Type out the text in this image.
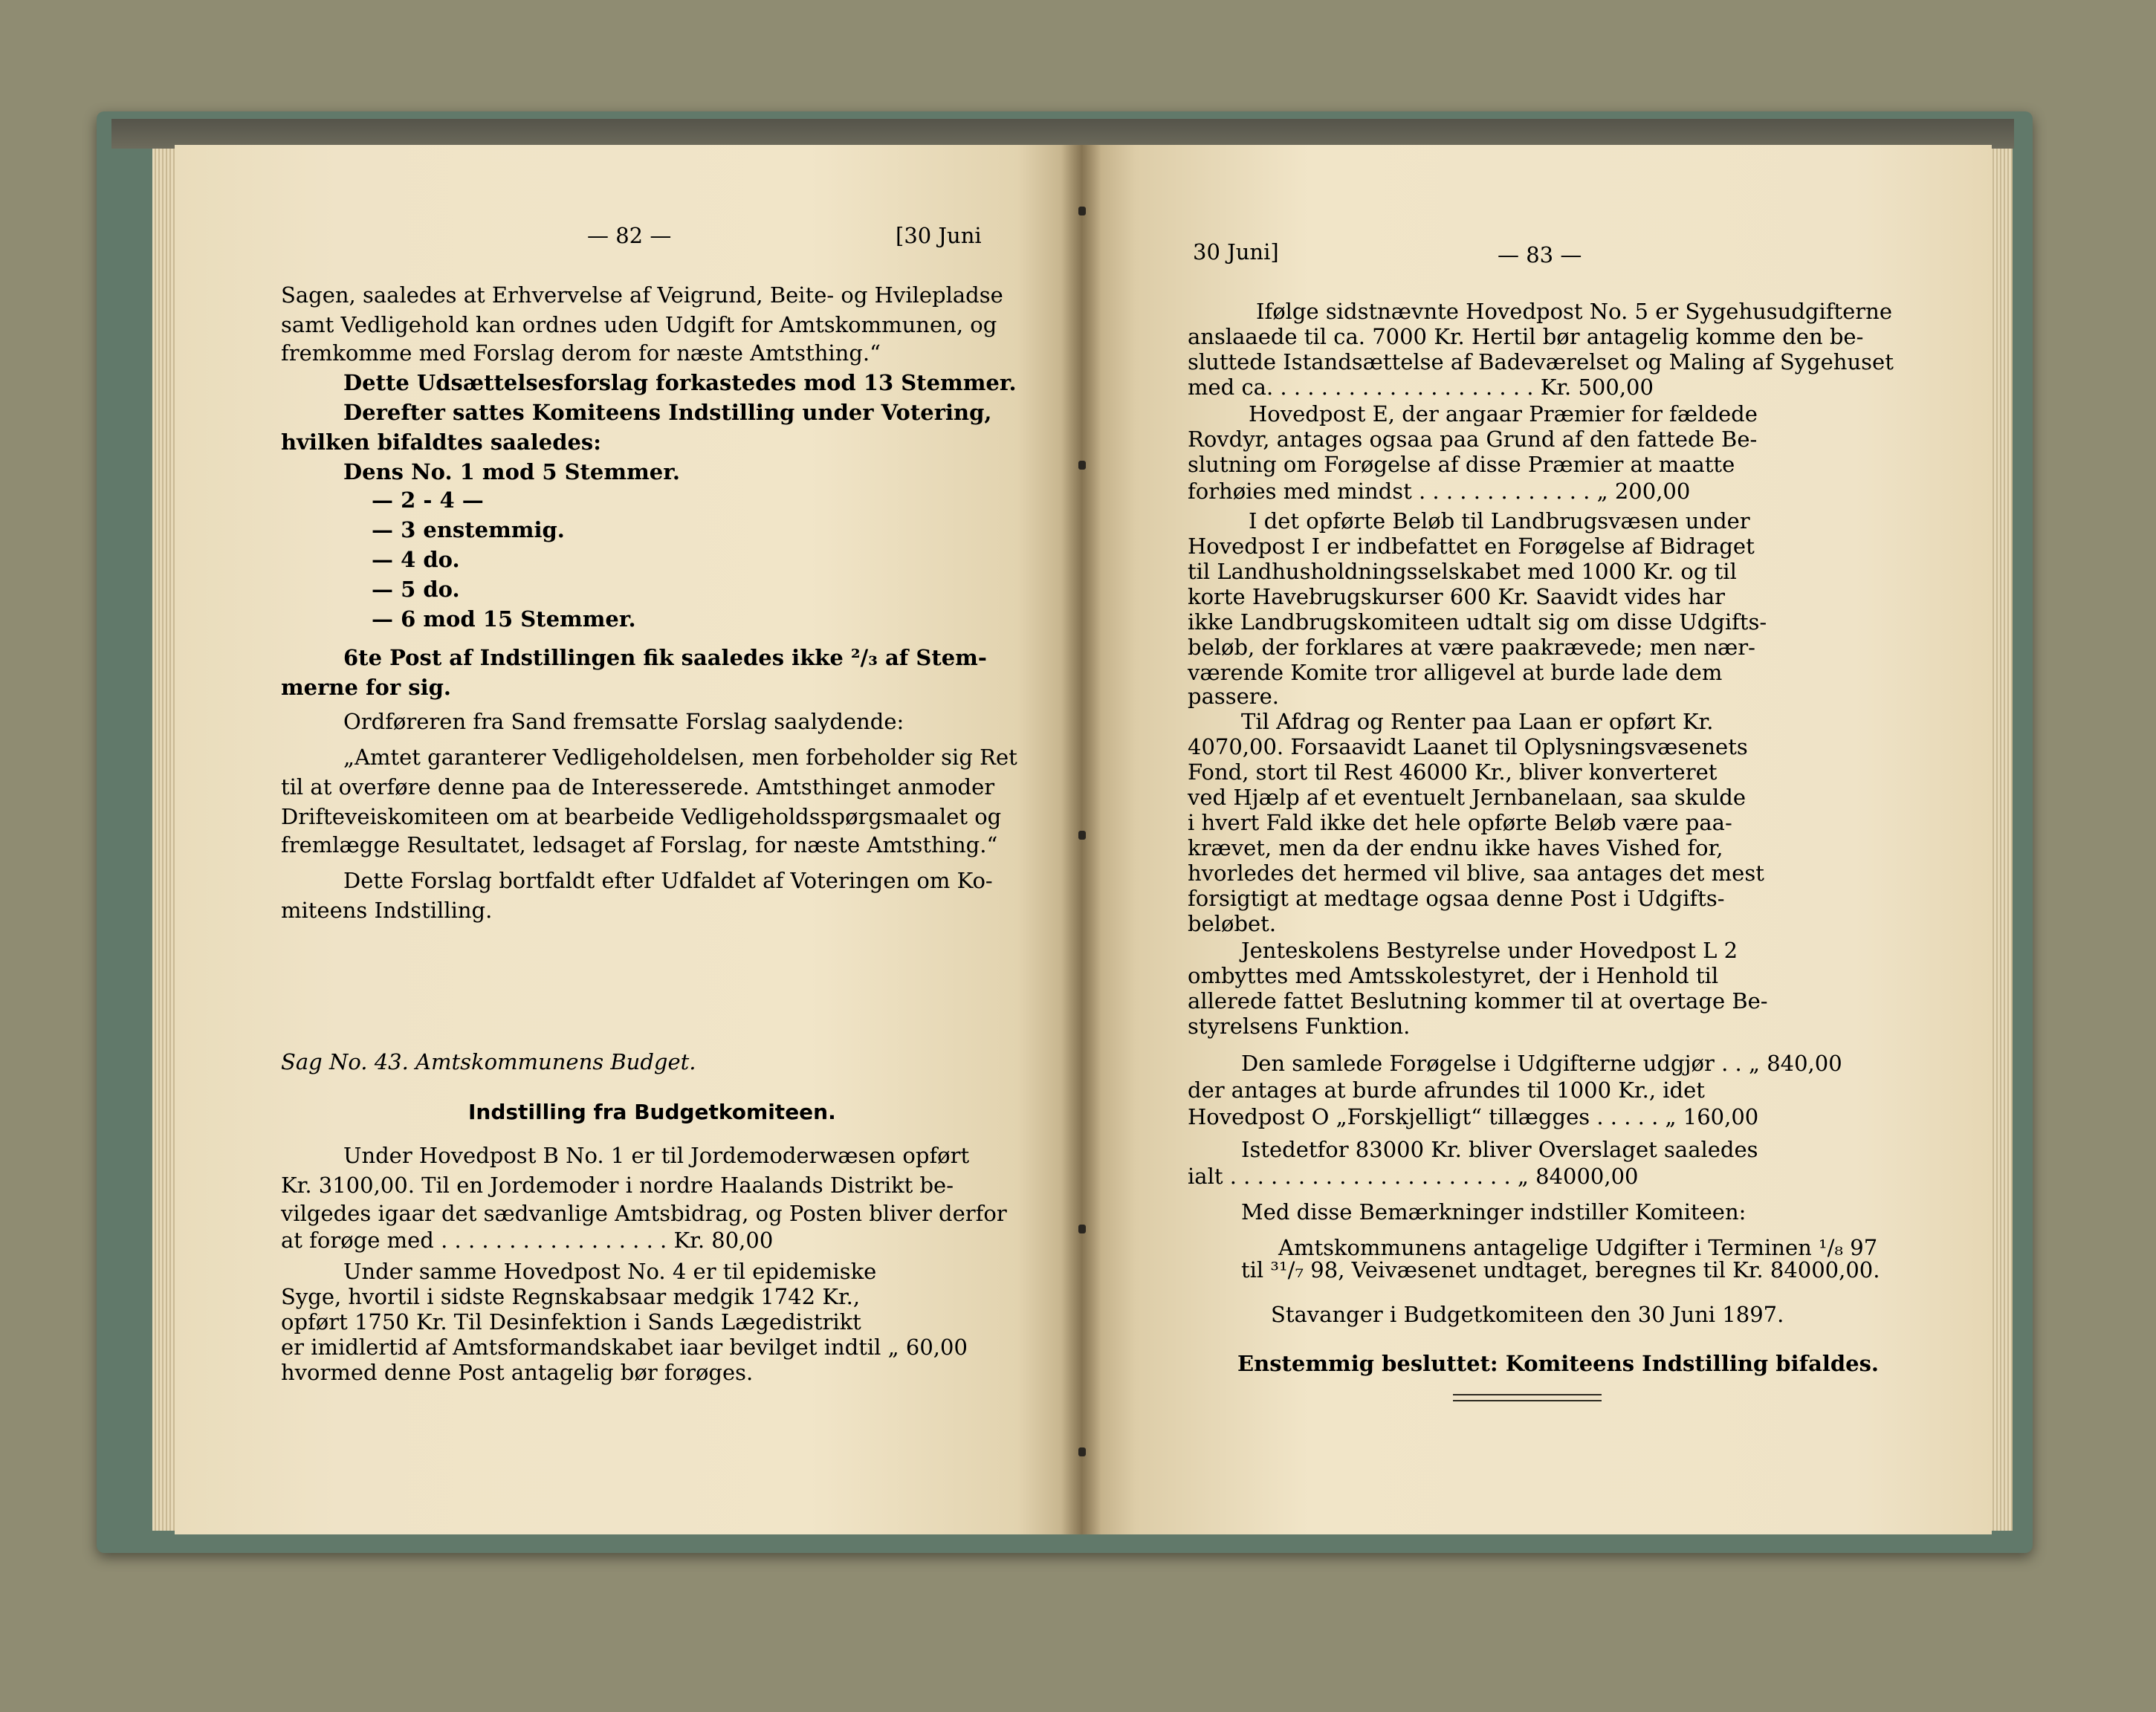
— 82 —	[30 Juni
Sagen, saaledes at Erhvervelse af Veigrund, Beite- og Hvilepladse
samt Vedligehold kan ordnes uden Udgift for Amtskommunen, og
fremkomme med Forslag derom for næste Amtsthing.“
Dette Udsættelsesforslag forkastedes mod 13 Stemmer.
Derefter sattes Komiteens Indstilling under Votering,
hvilken bifaldtes saaledes:
Dens No. 1 mod 5 Stemmer.
— 2 - 4 —
— 3 enstemmig.
— 4 do.
— 5 do.
— 6 mod 15 Stemmer.
6te Post af Indstillingen fik saaledes ikke ²/₃ af Stem-
merne for sig.
Ordføreren fra Sand fremsatte Forslag saalydende:
„Amtet garanterer Vedligeholdelsen, men forbeholder sig Ret
til at overføre denne paa de Interesserede. Amtsthinget anmoder
Drifteveiskomiteen om at bearbeide Vedligeholdsspørgsmaalet og
fremlægge Resultatet, ledsaget af Forslag, for næste Amtsthing.“
Dette Forslag bortfaldt efter Udfaldet af Voteringen om Ko-
miteens Indstilling.
Sag No. 43. Amtskommunens Budget.
Indstilling fra Budgetkomiteen.
Under Hovedpost B No. 1 er til Jordemoderwæsen opført
Kr. 3100,00. Til en Jordemoder i nordre Haalands Distrikt be-
vilgedes igaar det sædvanlige Amtsbidrag, og Posten bliver derfor
at forøge med . . . . . . . . . . . . . . . . . Kr. 80,00
Under samme Hovedpost No. 4 er til epidemiske
Syge, hvortil i sidste Regnskabsaar medgik 1742 Kr.,
opført 1750 Kr. Til Desinfektion i Sands Lægedistrikt
er imidlertid af Amtsformandskabet iaar bevilget indtil „ 60,00
hvormed denne Post antagelig bør forøges.
30 Juni]	— 83 —
Ifølge sidstnævnte Hovedpost No. 5 er Sygehusudgifterne
anslaaede til ca. 7000 Kr. Hertil bør antagelig komme den be-
sluttede Istandsættelse af Badeværelset og Maling af Sygehuset
med ca. . . . . . . . . . . . . . . . . . . . Kr. 500,00
Hovedpost E, der angaar Præmier for fældede
Rovdyr, antages ogsaa paa Grund af den fattede Be-
slutning om Forøgelse af disse Præmier at maatte
forhøies med mindst . . . . . . . . . . . . . „ 200,00
I det opførte Beløb til Landbrugsvæsen under
Hovedpost I er indbefattet en Forøgelse af Bidraget
til Landhusholdningsselskabet med 1000 Kr. og til
korte Havebrugskurser 600 Kr. Saavidt vides har
ikke Landbrugskomiteen udtalt sig om disse Udgifts-
beløb, der forklares at være paakrævede; men nær-
værende Komite tror alligevel at burde lade dem
passere.
Til Afdrag og Renter paa Laan er opført Kr.
4070,00. Forsaavidt Laanet til Oplysningsvæsenets
Fond, stort til Rest 46000 Kr., bliver konverteret
ved Hjælp af et eventuelt Jernbanelaan, saa skulde
i hvert Fald ikke det hele opførte Beløb være paa-
krævet, men da der endnu ikke haves Vished for,
hvorledes det hermed vil blive, saa antages det mest
forsigtigt at medtage ogsaa denne Post i Udgifts-
beløbet.
Jenteskolens Bestyrelse under Hovedpost L 2
ombyttes med Amtsskolestyret, der i Henhold til
allerede fattet Beslutning kommer til at overtage Be-
styrelsens Funktion.
Den samlede Forøgelse i Udgifterne udgjør . . „ 840,00
der antages at burde afrundes til 1000 Kr., idet
Hovedpost O „Forskjelligt“ tillægges . . . . . „ 160,00
Istedetfor 83000 Kr. bliver Overslaget saaledes
ialt . . . . . . . . . . . . . . . . . . . . . „ 84000,00
Med disse Bemærkninger indstiller Komiteen:
Amtskommunens antagelige Udgifter i Terminen ¹/₈ 97
til ³¹/₇ 98, Veivæsenet undtaget, beregnes til Kr. 84000,00.
Stavanger i Budgetkomiteen den 30 Juni 1897.
Enstemmig besluttet: Komiteens Indstilling bifaldes.
